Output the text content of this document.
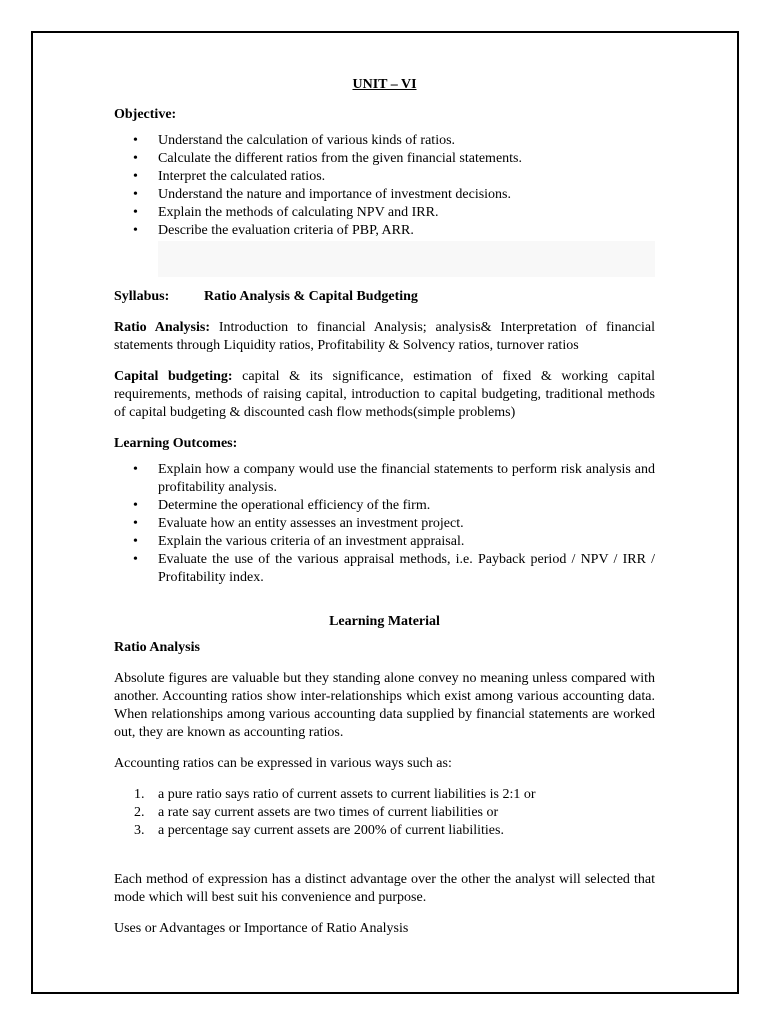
UNIT – VI

Objective:

• Understand the calculation of various kinds of ratios.
• Calculate the different ratios from the given financial statements.
• Interpret the calculated ratios.
• Understand the nature and importance of investment decisions.
• Explain the methods of calculating NPV and IRR.
• Describe the evaluation criteria of PBP, ARR.

Syllabus: Ratio Analysis & Capital Budgeting

Ratio Analysis: Introduction to financial Analysis; analysis& Interpretation of financial statements through Liquidity ratios, Profitability & Solvency ratios, turnover ratios

Capital budgeting: capital & its significance, estimation of fixed & working capital requirements, methods of raising capital, introduction to capital budgeting, traditional methods of capital budgeting & discounted cash flow methods(simple problems)

Learning Outcomes:

• Explain how a company would use the financial statements to perform risk analysis and profitability analysis.
• Determine the operational efficiency of the firm.
• Evaluate how an entity assesses an investment project.
• Explain the various criteria of an investment appraisal.
• Evaluate the use of the various appraisal methods, i.e. Payback period / NPV / IRR / Profitability index.

Learning Material

Ratio Analysis

Absolute figures are valuable but they standing alone convey no meaning unless compared with another. Accounting ratios show inter-relationships which exist among various accounting data. When relationships among various accounting data supplied by financial statements are worked out, they are known as accounting ratios.

Accounting ratios can be expressed in various ways such as:

1. a pure ratio says ratio of current assets to current liabilities is 2:1 or
2. a rate say current assets are two times of current liabilities or
3. a percentage say current assets are 200% of current liabilities.

Each method of expression has a distinct advantage over the other the analyst will selected that mode which will best suit his convenience and purpose.

Uses or Advantages or Importance of Ratio Analysis
